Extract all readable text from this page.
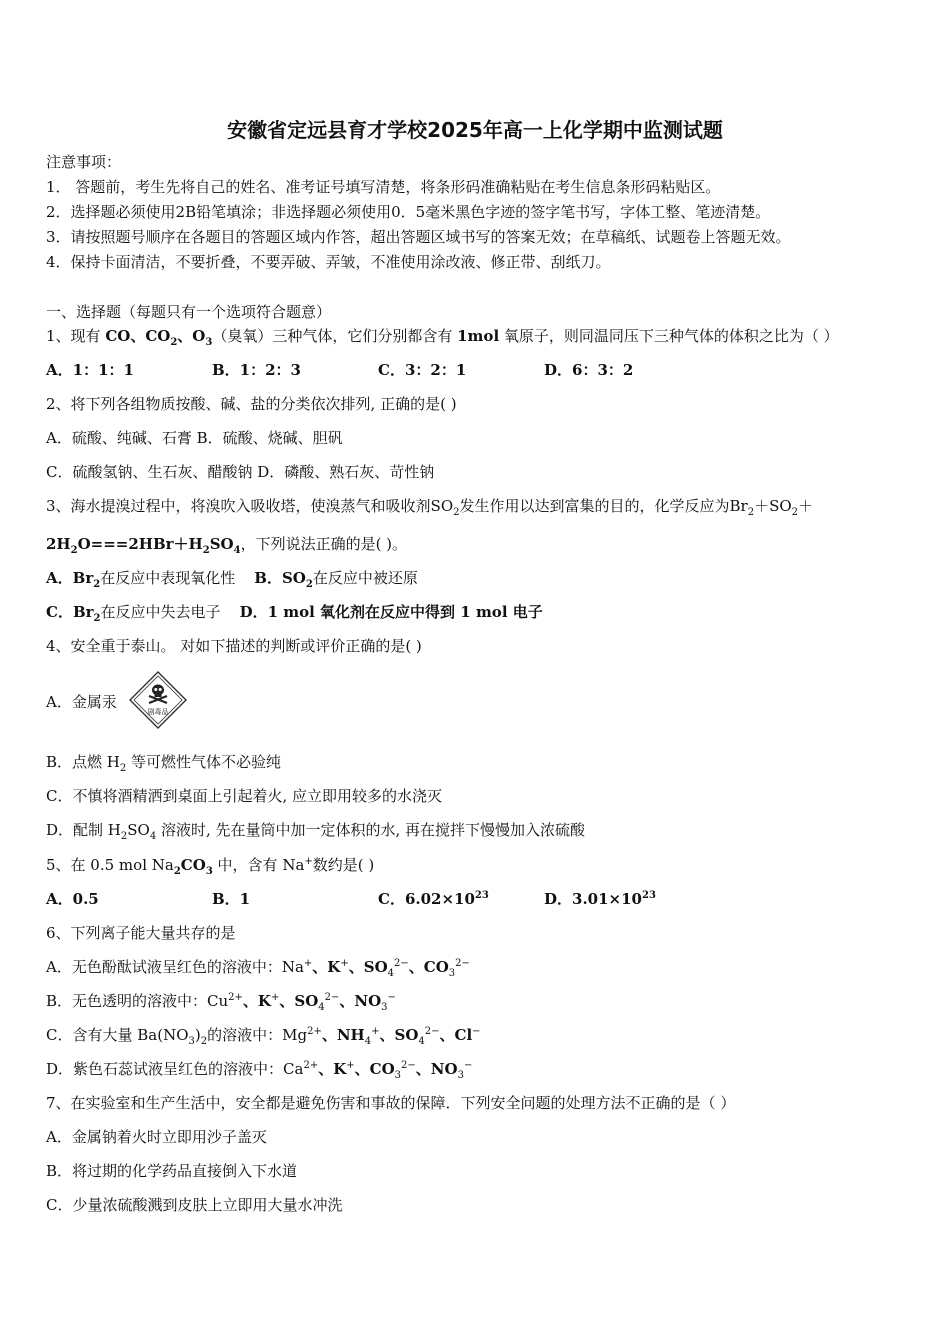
安徽省定远县育才学校2025年高一上化学期中监测试题
注意事项：
1． 答题前，考生先将自己的姓名、准考证号填写清楚，将条形码准确粘贴在考生信息条形码粘贴区。
2．选择题必须使用2B铅笔填涂；非选择题必须使用0．5毫米黑色字迹的签字笔书写，字体工整、笔迹清楚。
3．请按照题号顺序在各题目的答题区域内作答，超出答题区域书写的答案无效；在草稿纸、试题卷上答题无效。
4．保持卡面清洁，不要折叠，不要弄破、弄皱，不准使用涂改液、修正带、刮纸刀。
一、选择题（每题只有一个选项符合题意）
1、现有 CO、$CO_2$、$O_3$（臭氧）三种气体，它们分别都含有 1mol 氧原子，则同温同压下三种气体的体积之比为（ ）
A．1：1：1	B．1：2：3	C．3：2：1	D．6：3：2
2、将下列各组物质按酸、碱、盐的分类依次排列, 正确的是( )
A．硫酸、纯碱、石膏 B．硫酸、烧碱、胆矾
C．硫酸氢钠、生石灰、醋酸钠 D．磷酸、熟石灰、苛性钠
3、海水提溴过程中，将溴吹入吸收塔，使溴蒸气和吸收剂$SO_2$发生作用以达到富集的目的，化学反应为$Br_2+SO_2+$
$2H_2O===2HBr+H_2SO_4$，下列说法正确的是( )。
A．$Br_2$在反应中表现氧化性 B．$SO_2$在反应中被还原
C．$Br_2$在反应中失去电子 D．1 mol 氧化剂在反应中得到 1 mol 电子
4、安全重于泰山。 对如下描述的判断或评价正确的是( )
A．金属汞
剧毒品
B．点燃 $H_2$ 等可燃性气体不必验纯
C．不慎将酒精洒到桌面上引起着火, 应立即用较多的水浇灭
D．配制 $H_2SO_4$ 溶液时, 先在量筒中加一定体积的水, 再在搅拌下慢慢加入浓硫酸
5、在 0.5 mol $Na_2CO_3$ 中，含有 Na+数约是( )
A．0.5	B．1	C．$6.02\times 10^{23}$	D．$3.01\times 10^{23}$
6、下列离子能大量共存的是
A．无色酚酞试液呈红色的溶液中：Na+、K+、$SO_4^{2-}$、$CO_3^{2-}$
B．无色透明的溶液中：$Cu^{2+}$、K+、$SO_4^{2-}$、$NO_3^-$
C．含有大量 $Ba(NO_3)_2$的溶液中：$Mg^{2+}$、$NH_4^+$、$SO_4^{2-}$、Cl−
D．紫色石蕊试液呈红色的溶液中：$Ca^{2+}$、K+、$CO_3^{2-}$、$NO_3^-$
7、在实验室和生产生活中，安全都是避免伤害和事故的保障．下列安全问题的处理方法不正确的是（ ）
A．金属钠着火时立即用沙子盖灭
B．将过期的化学药品直接倒入下水道
C．少量浓硫酸溅到皮肤上立即用大量水冲洗
